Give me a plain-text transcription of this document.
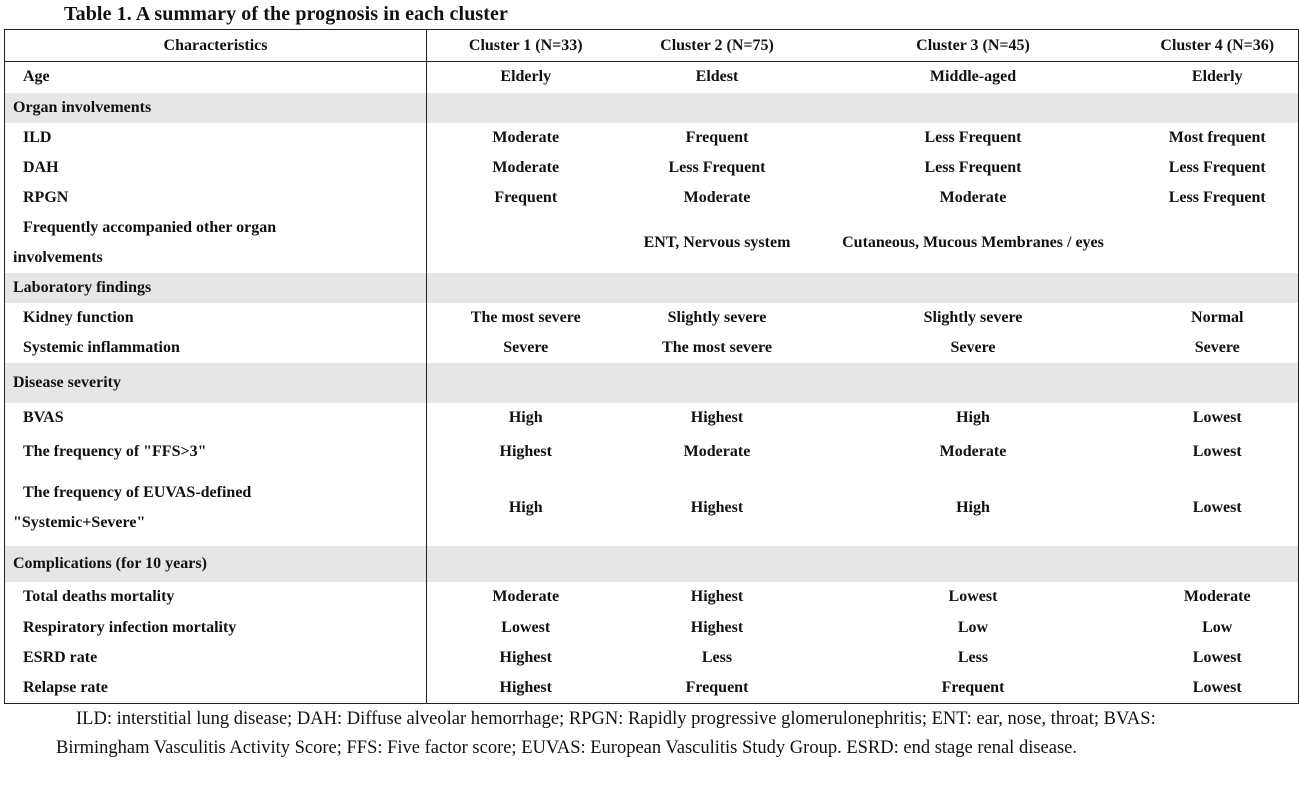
Table 1. A summary of the prognosis in each cluster
Characteristics	Cluster 1 (N=33)	Cluster 2 (N=75)	Cluster 3 (N=45)	Cluster 4 (N=36)
Age	Elderly	Eldest	Middle-aged	Elderly
Organ involvements				
ILD	Moderate	Frequent	Less Frequent	Most frequent
DAH	Moderate	Less Frequent	Less Frequent	Less Frequent
RPGN	Frequent	Moderate	Moderate	Less Frequent
Frequently accompanied other organ
involvements		ENT, Nervous system	Cutaneous, Mucous Membranes / eyes	
Laboratory findings				
Kidney function	The most severe	Slightly severe	Slightly severe	Normal
Systemic inflammation	Severe	The most severe	Severe	Severe
Disease severity				
BVAS	High	Highest	High	Lowest
The frequency of "FFS>3"	Highest	Moderate	Moderate	Lowest
The frequency of EUVAS-defined
"Systemic+Severe"	High	Highest	High	Lowest
Complications (for 10 years)				
Total deaths mortality	Moderate	Highest	Lowest	Moderate
Respiratory infection mortality	Lowest	Highest	Low	Low
ESRD rate	Highest	Less	Less	Lowest
Relapse rate	Highest	Frequent	Frequent	Lowest
ILD: interstitial lung disease; DAH: Diffuse alveolar hemorrhage; RPGN: Rapidly progressive glomerulonephritis; ENT: ear, nose, throat; BVAS: Birmingham Vasculitis Activity Score; FFS: Five factor score; EUVAS: European Vasculitis Study Group. ESRD: end stage renal disease.
